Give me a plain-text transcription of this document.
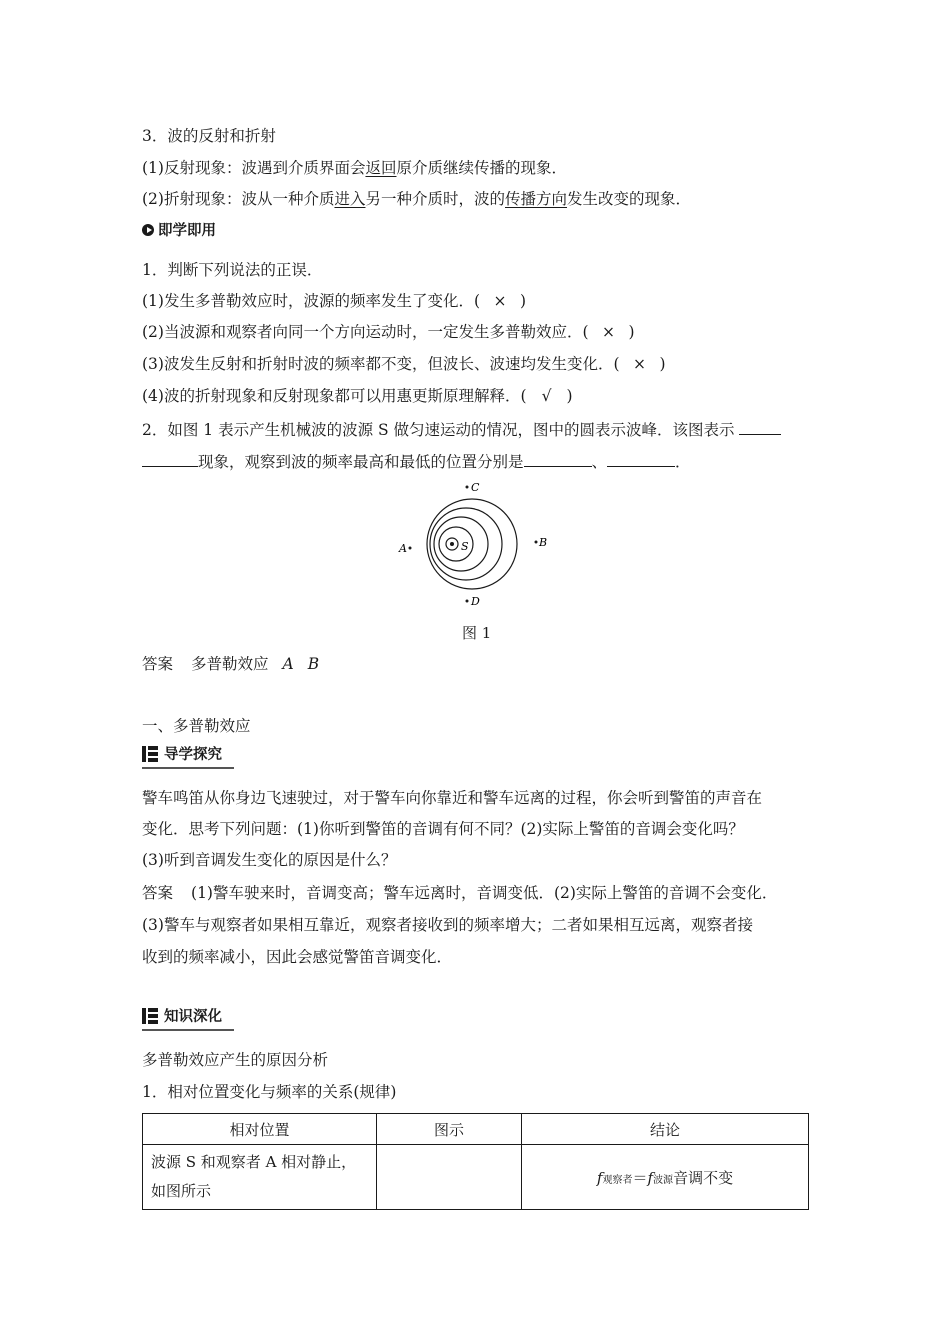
3．波的反射和折射
(1)反射现象：波遇到介质界面会返回原介质继续传播的现象．
(2)折射现象：波从一种介质进入另一种介质时，波的传播方向发生改变的现象．
即学即用
1．判断下列说法的正误．
(1)发生多普勒效应时，波源的频率发生了变化．( × )
(2)当波源和观察者向同一个方向运动时，一定发生多普勒效应．( × )
(3)波发生反射和折射时波的频率都不变，但波长、波速均发生变化．( × )
(4)波的折射现象和反射现象都可以用惠更斯原理解释．( √ )
2．如图 1 表示产生机械波的波源 S 做匀速运动的情况，图中的圆表示波峰．该图表示
现象，观察到波的频率最高和最低的位置分别是	、	．
S
A	B
C
D
图 1
答案 多普勒效应 A B
一、多普勒效应
导学探究
警车鸣笛从你身边飞速驶过，对于警车向你靠近和警车远离的过程，你会听到警笛的声音在
变化．思考下列问题：(1)你听到警笛的音调有何不同？(2)实际上警笛的音调会变化吗？
(3)听到音调发生变化的原因是什么？
答案 (1)警车驶来时，音调变高；警车远离时，音调变低．(2)实际上警笛的音调不会变化．
(3)警车与观察者如果相互靠近，观察者接收到的频率增大；二者如果相互远离，观察者接
收到的频率减小，因此会感觉警笛音调变化．
知识深化
多普勒效应产生的原因分析
1．相对位置变化与频率的关系(规律)
相对位置	图示	结论

波源 S 和观察者 A 相对静止，
如图所示		f观察者＝f波源音调不变
